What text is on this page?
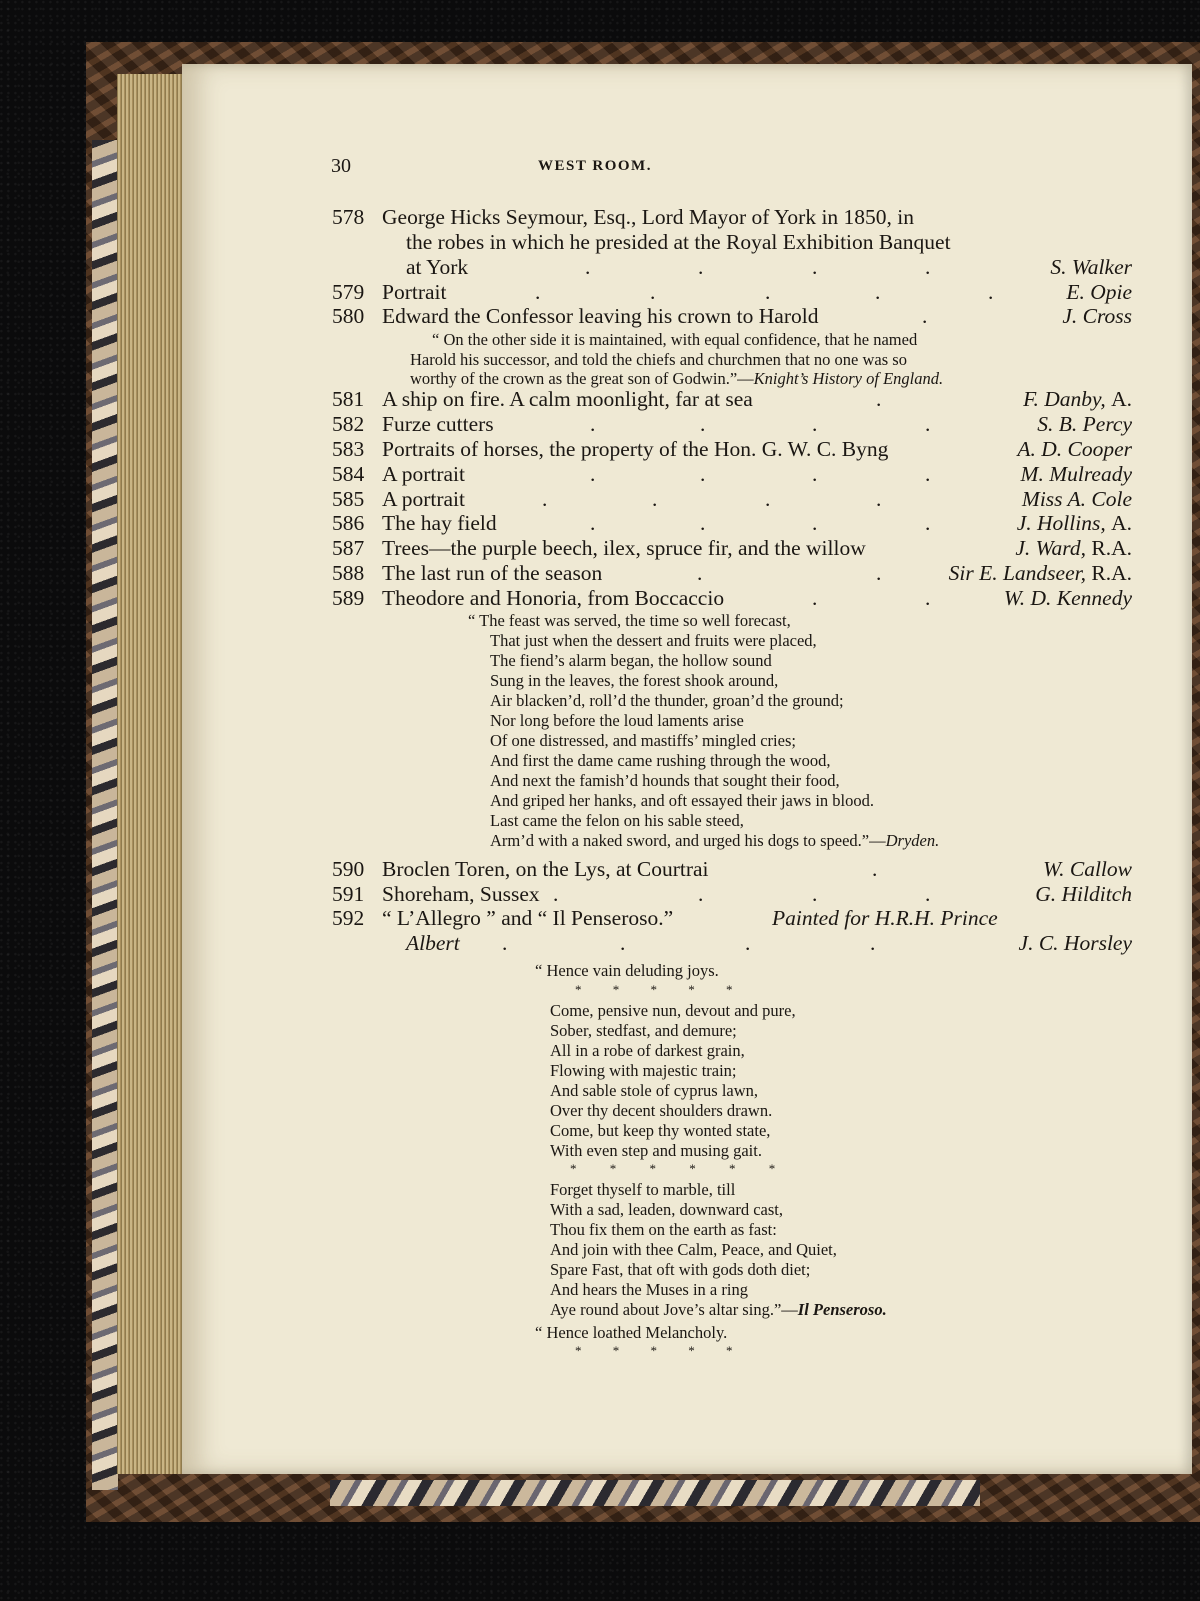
30	WEST ROOM.
578 George Hicks Seymour, Esq., Lord Mayor of York in 1850, in
the robes in which he presided at the Royal Exhibition Banquet
at York	.	.	.	.	S. Walker
579 Portrait	.	.	.	.	.	E. Opie
580 Edward the Confessor leaving his crown to Harold	.	J. Cross
“ On the other side it is maintained, with equal confidence, that he named
Harold his successor, and told the chiefs and churchmen that no one was so
worthy of the crown as the great son of Godwin.”—Knight’s History of England.
581 A ship on fire. A calm moonlight, far at sea	.	F. Danby, A.
582 Furze cutters	.	.	.	.	S. B. Percy
583 Portraits of horses, the property of the Hon. G. W. C. Byng	A. D. Cooper
584 A portrait	.	.	.	.	M. Mulready
585 A portrait	.	.	.	.	Miss A. Cole
586 The hay field	.	.	.	.	J. Hollins, A.
587 Trees—the purple beech, ilex, spruce fir, and the willow	J. Ward, R.A.
588 The last run of the season	.	.	Sir E. Landseer, R.A.
589 Theodore and Honoria, from Boccaccio	.	.	W. D. Kennedy
“ The feast was served, the time so well forecast,
That just when the dessert and fruits were placed,
The fiend’s alarm began, the hollow sound
Sung in the leaves, the forest shook around,
Air blacken’d, roll’d the thunder, groan’d the ground;
Nor long before the loud laments arise
Of one distressed, and mastiffs’ mingled cries;
And first the dame came rushing through the wood,
And next the famish’d hounds that sought their food,
And griped her hanks, and oft essayed their jaws in blood.
Last came the felon on his sable steed,
Arm’d with a naked sword, and urged his dogs to speed.”—Dryden.
590 Broclen Toren, on the Lys, at Courtrai	.	W. Callow
591 Shoreham, Sussex .	.	.	.	G. Hilditch
592 “ L’Allegro ” and “ Il Penseroso.”	Painted for H.R.H. Prince
Albert .	.	.	.	J. C. Horsley
“ Hence vain deluding joys.
* * * * *
Come, pensive nun, devout and pure,
Sober, stedfast, and demure;
All in a robe of darkest grain,
Flowing with majestic train;
And sable stole of cyprus lawn,
Over thy decent shoulders drawn.
Come, but keep thy wonted state,
With even step and musing gait.
* * * * * *
Forget thyself to marble, till
With a sad, leaden, downward cast,
Thou fix them on the earth as fast:
And join with thee Calm, Peace, and Quiet,
Spare Fast, that oft with gods doth diet;
And hears the Muses in a ring
Aye round about Jove’s altar sing.”—Il Penseroso.
“ Hence loathed Melancholy.
* * * * *
